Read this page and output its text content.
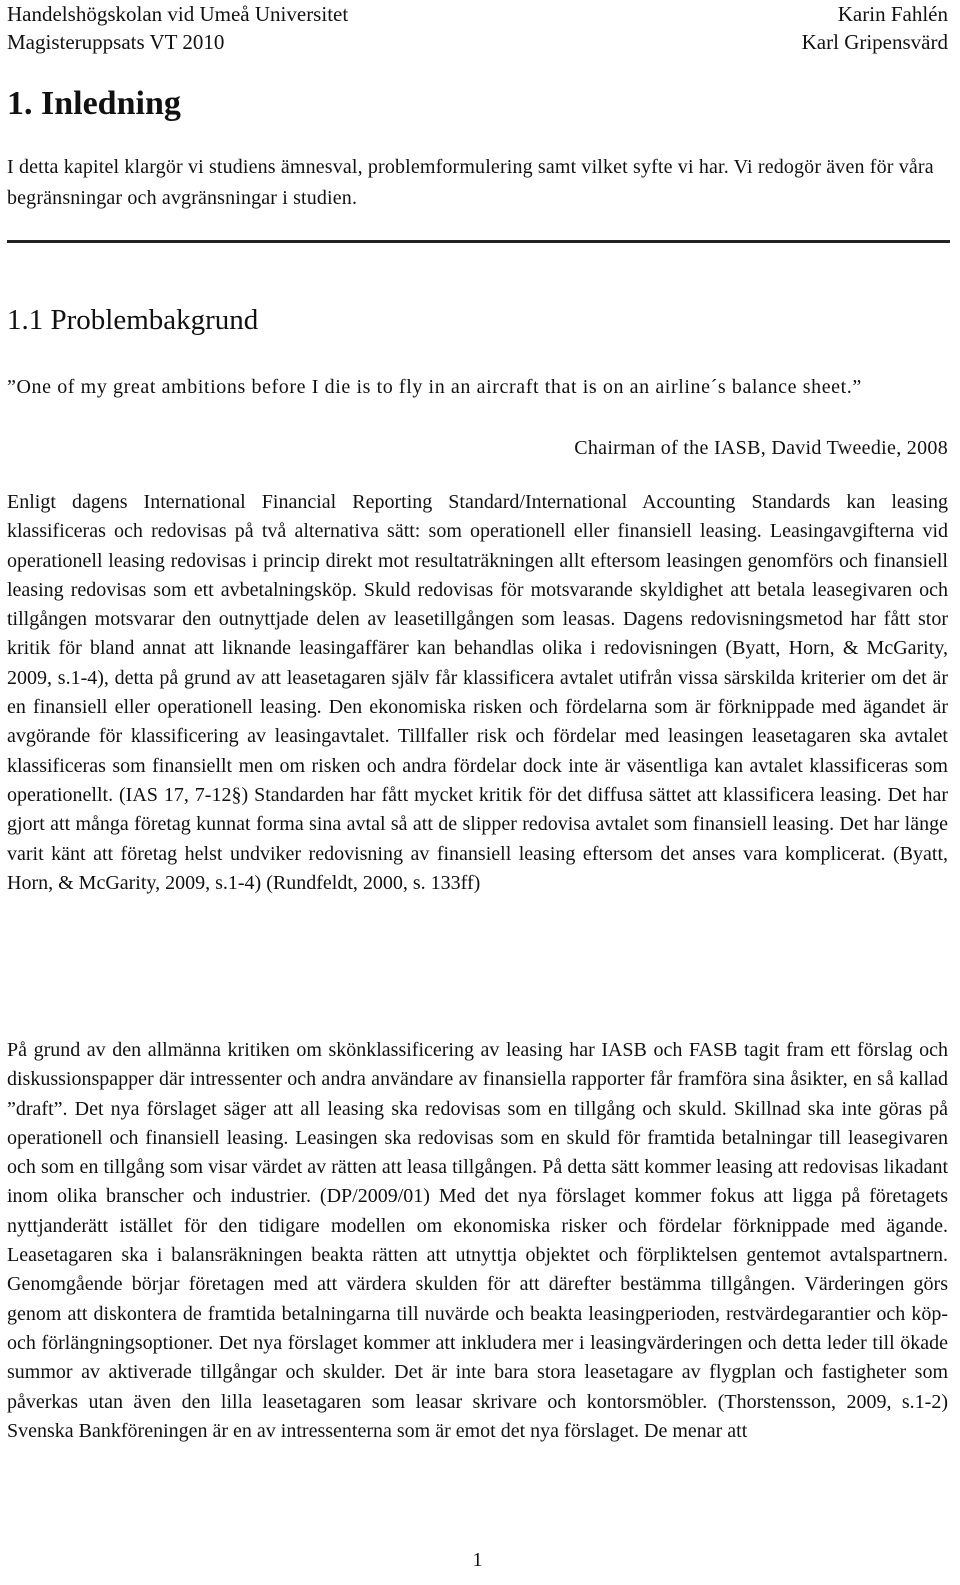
Handelshögskolan vid Umeå Universitet
Magisteruppsats VT 2010
Karin Fahlén
Karl Gripensvärd
1. Inledning

I detta kapitel klargör vi studiens ämnesval, problemformulering samt vilket syfte vi har. Vi redogör även för våra begränsningar och avgränsningar i studien.

1.1 Problembakgrund

”One of my great ambitions before I die is to fly in an aircraft that is on an airline´s balance sheet.”

Chairman of the IASB, David Tweedie, 2008

Enligt dagens International Financial Reporting Standard/International Accounting Standards kan leasing klassificeras och redovisas på två alternativa sätt: som operationell eller finansiell leasing. Leasingavgifterna vid operationell leasing redovisas i princip direkt mot resultaträkningen allt eftersom leasingen genomförs och finansiell leasing redovisas som ett avbetalningsköp. Skuld redovisas för motsvarande skyldighet att betala leasegivaren och tillgången motsvarar den outnyttjade delen av leasetillgången som leasas. Dagens redovisningsmetod har fått stor kritik för bland annat att liknande leasingaffärer kan behandlas olika i redovisningen (Byatt, Horn, & McGarity, 2009, s.1-4), detta på grund av att leasetagaren själv får klassificera avtalet utifrån vissa särskilda kriterier om det är en finansiell eller operationell leasing. Den ekonomiska risken och fördelarna som är förknippade med ägandet är avgörande för klassificering av leasingavtalet. Tillfaller risk och fördelar med leasingen leasetagaren ska avtalet klassificeras som finansiellt men om risken och andra fördelar dock inte är väsentliga kan avtalet klassificeras som operationellt. (IAS 17, 7-12§) Standarden har fått mycket kritik för det diffusa sättet att klassificera leasing. Det har gjort att många företag kunnat forma sina avtal så att de slipper redovisa avtalet som finansiell leasing. Det har länge varit känt att företag helst undviker redovisning av finansiell leasing eftersom det anses vara komplicerat. (Byatt, Horn, & McGarity, 2009, s.1-4) (Rundfeldt, 2000, s. 133ff)

På grund av den allmänna kritiken om skönklassificering av leasing har IASB och FASB tagit fram ett förslag och diskussionspapper där intressenter och andra användare av finansiella rapporter får framföra sina åsikter, en så kallad ”draft”. Det nya förslaget säger att all leasing ska redovisas som en tillgång och skuld. Skillnad ska inte göras på operationell och finansiell leasing. Leasingen ska redovisas som en skuld för framtida betalningar till leasegivaren och som en tillgång som visar värdet av rätten att leasa tillgången. På detta sätt kommer leasing att redovisas likadant inom olika branscher och industrier. (DP/2009/01) Med det nya förslaget kommer fokus att ligga på företagets nyttjanderätt istället för den tidigare modellen om ekonomiska risker och fördelar förknippade med ägande. Leasetagaren ska i balansräkningen beakta rätten att utnyttja objektet och förpliktelsen gentemot avtalspartnern. Genomgående börjar företagen med att värdera skulden för att därefter bestämma tillgången. Värderingen görs genom att diskontera de framtida betalningarna till nuvärde och beakta leasingperioden, restvärdegarantier och köp- och förlängningsoptioner. Det nya förslaget kommer att inkludera mer i leasingvärderingen och detta leder till ökade summor av aktiverade tillgångar och skulder. Det är inte bara stora leasetagare av flygplan och fastigheter som påverkas utan även den lilla leasetagaren som leasar skrivare och kontorsmöbler. (Thorstensson, 2009, s.1-2) Svenska Bankföreningen är en av intressenterna som är emot det nya förslaget. De menar att

1
